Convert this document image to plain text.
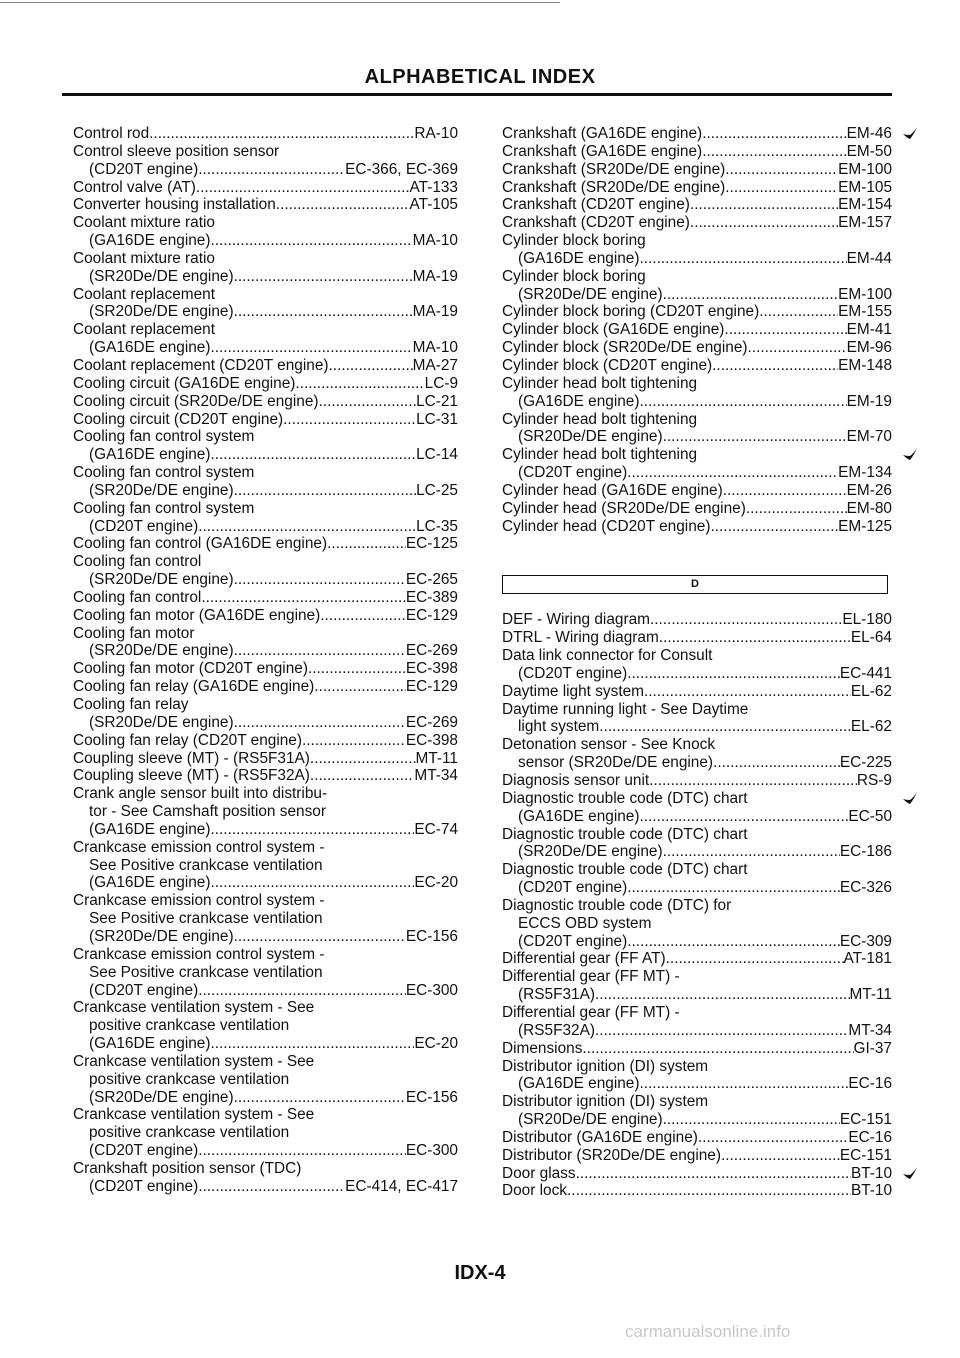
ALPHABETICAL INDEX
Control rod .....	RA-10
Control sleeve position sensor
(CD20T engine) .....	EC-366, EC-369
Control valve (AT) .....	AT-133
Converter housing installation .....	AT-105
Coolant mixture ratio
(GA16DE engine) .....	MA-10
Coolant mixture ratio
(SR20De/DE engine) .....	MA-19
Coolant replacement
(SR20De/DE engine) .....	MA-19
Coolant replacement
(GA16DE engine) .....	MA-10
Coolant replacement (CD20T engine) .....	MA-27
Cooling circuit (GA16DE engine) .....	LC-9
Cooling circuit (SR20De/DE engine) .....	LC-21
Cooling circuit (CD20T engine) .....	LC-31
Cooling fan control system
(GA16DE engine) .....	LC-14
Cooling fan control system
(SR20De/DE engine) .....	LC-25
Cooling fan control system
(CD20T engine) .....	LC-35
Cooling fan control (GA16DE engine) .....	EC-125
Cooling fan control
(SR20De/DE engine) .....	EC-265
Cooling fan control .....	EC-389
Cooling fan motor (GA16DE engine) .....	EC-129
Cooling fan motor
(SR20De/DE engine) .....	EC-269
Cooling fan motor (CD20T engine) .....	EC-398
Cooling fan relay (GA16DE engine) .....	EC-129
Cooling fan relay
(SR20De/DE engine) .....	EC-269
Cooling fan relay (CD20T engine) .....	EC-398
Coupling sleeve (MT) - (RS5F31A) .....	MT-11
Coupling sleeve (MT) - (RS5F32A) .....	MT-34
Crank angle sensor built into distribu-
tor - See Camshaft position sensor
(GA16DE engine) .....	EC-74
Crankcase emission control system -
See Positive crankcase ventilation
(GA16DE engine) .....	EC-20
Crankcase emission control system -
See Positive crankcase ventilation
(SR20De/DE engine) .....	EC-156
Crankcase emission control system -
See Positive crankcase ventilation
(CD20T engine) .....	EC-300
Crankcase ventilation system - See
positive crankcase ventilation
(GA16DE engine) .....	EC-20
Crankcase ventilation system - See
positive crankcase ventilation
(SR20De/DE engine) .....	EC-156
Crankcase ventilation system - See
positive crankcase ventilation
(CD20T engine) .....	EC-300
Crankshaft position sensor (TDC)
(CD20T engine) .....	EC-414, EC-417
Crankshaft (GA16DE engine) .....	EM-46
Crankshaft (GA16DE engine) .....	EM-50
Crankshaft (SR20De/DE engine) .....	EM-100
Crankshaft (SR20De/DE engine) .....	EM-105
Crankshaft (CD20T engine) .....	EM-154
Crankshaft (CD20T engine) .....	EM-157
Cylinder block boring
(GA16DE engine) .....	EM-44
Cylinder block boring
(SR20De/DE engine) .....	EM-100
Cylinder block boring (CD20T engine) .....	EM-155
Cylinder block (GA16DE engine) .....	EM-41
Cylinder block (SR20De/DE engine) .....	EM-96
Cylinder block (CD20T engine) .....	EM-148
Cylinder head bolt tightening
(GA16DE engine) .....	EM-19
Cylinder head bolt tightening
(SR20De/DE engine) .....	EM-70
Cylinder head bolt tightening
(CD20T engine) .....	EM-134
Cylinder head (GA16DE engine) .....	EM-26
Cylinder head (SR20De/DE engine) .....	EM-80
Cylinder head (CD20T engine) .....	EM-125
D
DEF - Wiring diagram .....	EL-180
DTRL - Wiring diagram .....	EL-64
Data link connector for Consult
(CD20T engine) .....	EC-441
Daytime light system .....	EL-62
Daytime running light - See Daytime
light system .....	EL-62
Detonation sensor - See Knock
sensor (SR20De/DE engine) .....	EC-225
Diagnosis sensor unit .....	RS-9
Diagnostic trouble code (DTC) chart
(GA16DE engine) .....	EC-50
Diagnostic trouble code (DTC) chart
(SR20De/DE engine) .....	EC-186
Diagnostic trouble code (DTC) chart
(CD20T engine) .....	EC-326
Diagnostic trouble code (DTC) for
ECCS OBD system
(CD20T engine) .....	EC-309
Differential gear (FF AT) .....	AT-181
Differential gear (FF MT) -
(RS5F31A) .....	MT-11
Differential gear (FF MT) -
(RS5F32A) .....	MT-34
Dimensions .....	GI-37
Distributor ignition (DI) system
(GA16DE engine) .....	EC-16
Distributor ignition (DI) system
(SR20De/DE engine) .....	EC-151
Distributor (GA16DE engine) .....	EC-16
Distributor (SR20De/DE engine) .....	EC-151
Door glass .....	BT-10
Door lock .....	BT-10
IDX-4
carmanualsonline.info
